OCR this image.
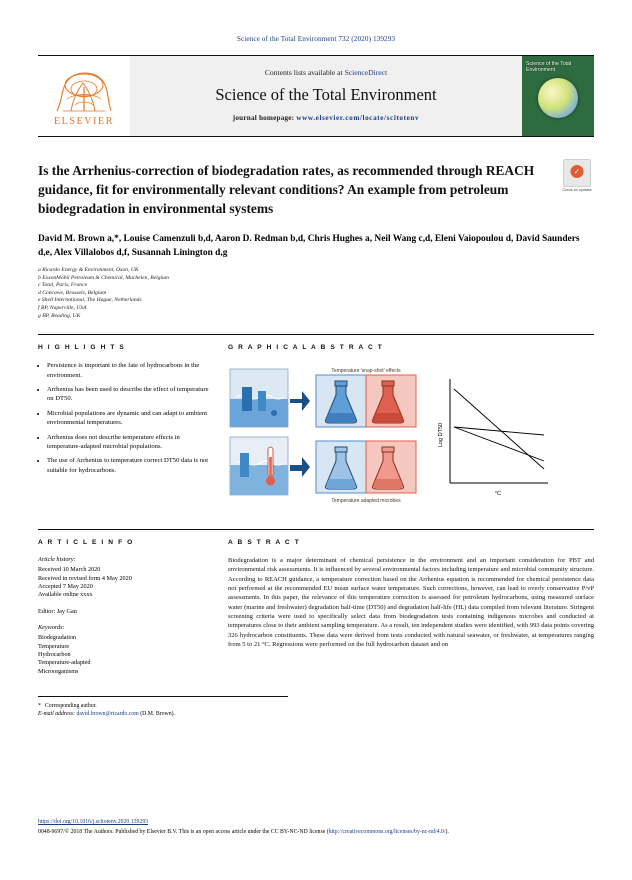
Science of the Total Environment 732 (2020) 139293
ELSEVIER
Contents lists available at ScienceDirect
Science of the Total Environment
journal homepage: www.elsevier.com/locate/scitotenv
Science of the Total Environment
Is the Arrhenius-correction of biodegradation rates, as recommended through REACH guidance, fit for environmentally relevant conditions? An example from petroleum biodegradation in environmental systems
✓
Check for updates
David M. Brown a,*, Louise Camenzuli b,d, Aaron D. Redman b,d, Chris Hughes a, Neil Wang c,d, Eleni Vaiopoulou d, David Saunders d,e, Alex Villalobos d,f, Susannah Linington d,g
a Ricardo Energy & Environment, Oxon, UK
b ExxonMobil Petroleum & Chemical, Machelen, Belgium
c Total, Paris, France
d Concawe, Brussels, Belgium
e Shell International, The Hague, Netherlands
f BP, Naperville, USA
g BP, Reading, UK
H I G H L I G H T S
• Persistence is important to the fate of hydrocarbons in the environment.
• Arrhenius has been used to describe the effect of temperature on DT50.
• Microbial populations are dynamic and can adapt to ambient environmental temperatures.
• Arrhenius does not describe temperature effects in temperature-adapted microbial populations.
• The use of Arrhenius to temperature correct DT50 data is not suitable for hydrocarbons.
G R A P H I C A L A B S T R A C T
Temperature 'snap-shot' effects
Temperature adapted microbes
Log DT50
°C
A R T I C L E I N F O
Article history:
Received 10 March 2020
Received in revised form 4 May 2020
Accepted 7 May 2020
Available online xxxx
Editor: Jay Gan
Keywords:
Biodegradation
Temperature
Hydrocarbon
Temperature-adapted
Microorganisms
A B S T R A C T
Biodegradation is a major determinant of chemical persistence in the environment and an important consideration for PBT and environmental risk assessments. It is influenced by several environmental factors including temperature and microbial community structure. According to REACH guidance, a temperature correction based on the Arrhenius equation is recommended for chemical persistence data not performed at the recommended EU mean surface water temperature. Such corrections, however, can lead to overly conservative P/vP assessments. In this paper, the relevance of this temperature correction is assessed for petroleum hydrocarbons, using measured surface water (marine and freshwater) degradation half-time (DT50) and degradation half-life (HL) data compiled from relevant literature. Stringent screening criteria were used to specifically select data from biodegradation tests containing indigenous microbes and conducted at temperatures close to their ambient sampling temperature. As a result, ten independent studies were identified, with 993 data points covering 326 hydrocarbon constituents. These data were derived from tests conducted with natural seawater, or freshwater, at temperatures ranging from 5 to 21 °C. Regressions were performed on the full hydrocarbon dataset and on
* Corresponding author.
E-mail address: david.brown@ricardo.com (D.M. Brown).
https://doi.org/10.1016/j.scitotenv.2020.139293
0048-9697/© 2018 The Authors. Published by Elsevier B.V. This is an open access article under the CC BY-NC-ND license (http://creativecommons.org/licenses/by-nc-nd/4.0/).
